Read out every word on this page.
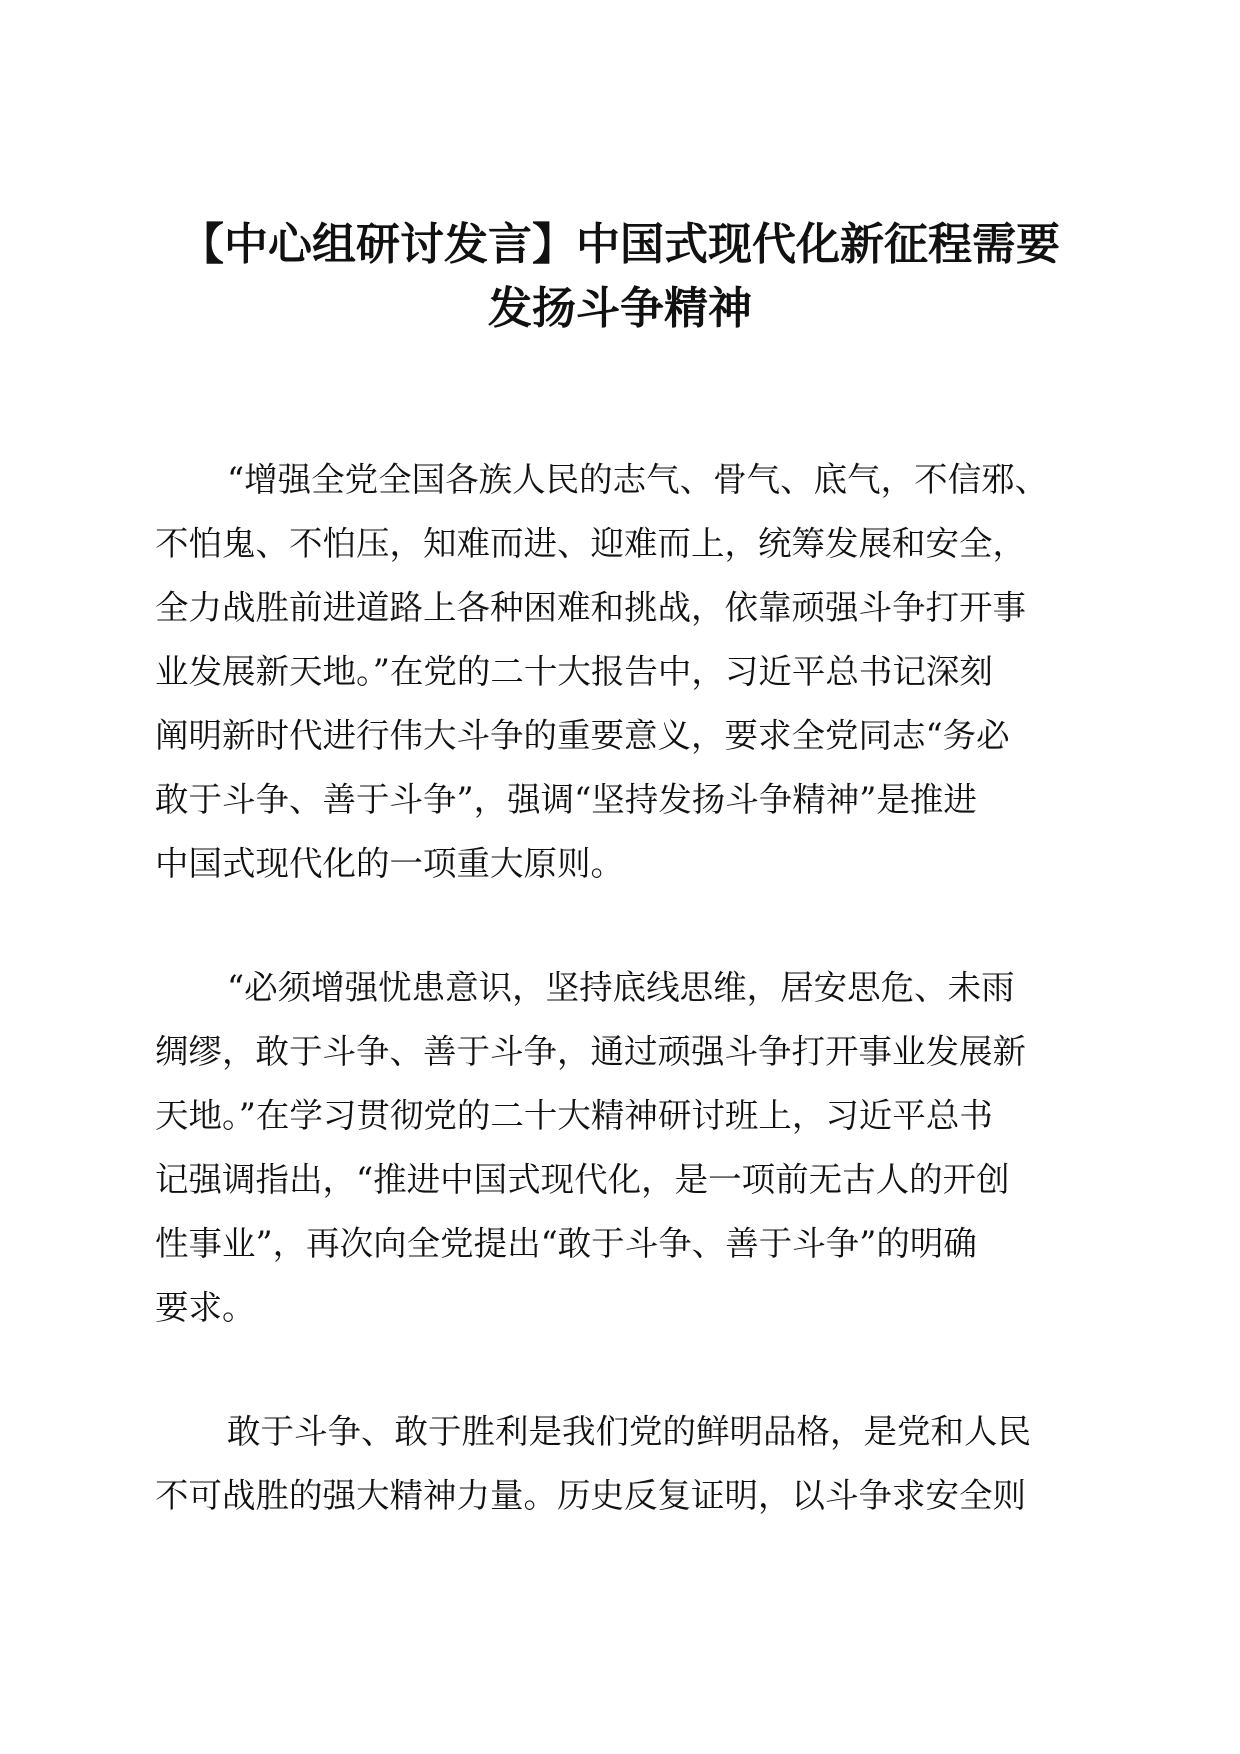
【中心组研讨发言】中国式现代化新征程需要
发扬斗争精神

“增强全党全国各族人民的志气、骨气、底气，不信邪、
不怕鬼、不怕压，知难而进、迎难而上，统筹发展和安全，
全力战胜前进道路上各种困难和挑战，依靠顽强斗争打开事
业发展新天地。”在党的二十大报告中，习近平总书记深刻
阐明新时代进行伟大斗争的重要意义，要求全党同志“务必
敢于斗争、善于斗争”，强调“坚持发扬斗争精神”是推进
中国式现代化的一项重大原则。

“必须增强忧患意识，坚持底线思维，居安思危、未雨
绸缪，敢于斗争、善于斗争，通过顽强斗争打开事业发展新
天地。”在学习贯彻党的二十大精神研讨班上，习近平总书
记强调指出，“推进中国式现代化，是一项前无古人的开创
性事业”，再次向全党提出“敢于斗争、善于斗争”的明确
要求。

敢于斗争、敢于胜利是我们党的鲜明品格，是党和人民
不可战胜的强大精神力量。历史反复证明，以斗争求安全则
